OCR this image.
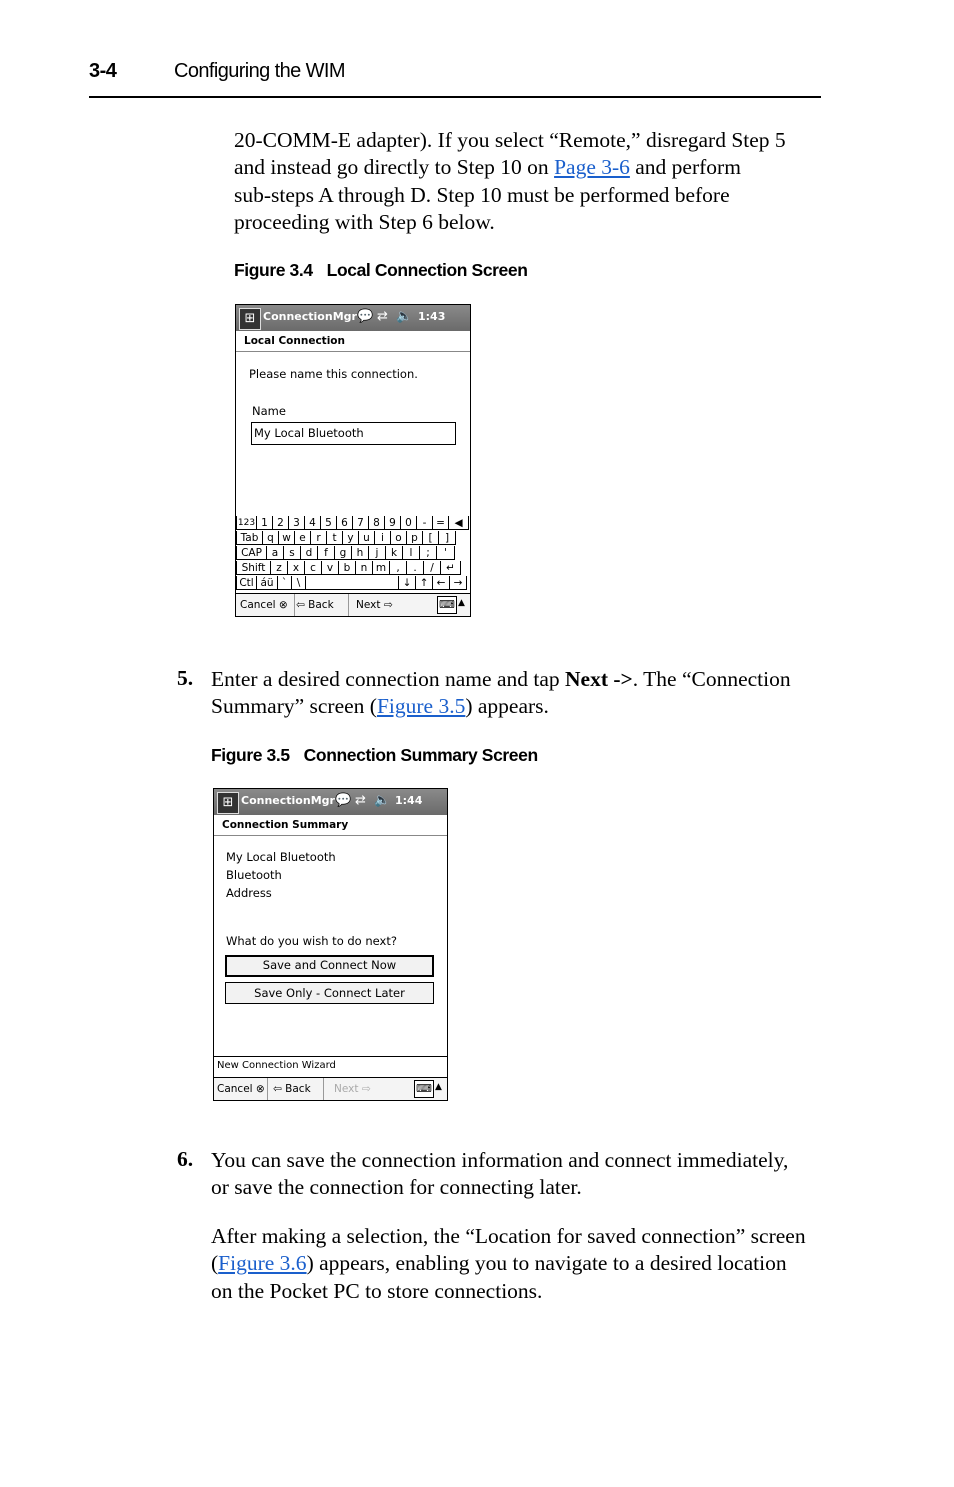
3-4	Configuring the WIM
20-COMM-E adapter). If you select “Remote,” disregard Step 5
and instead go directly to Step 10 on Page 3-6 and perform
sub-steps A through D. Step 10 must be performed before
proceeding with Step 6 below.
Figure 3.4 Local Connection Screen
⊞ ConnectionMgr 💬 ⇄ 🔈 1:43
Local Connection
Please name this connection.
Name
My Local Bluetooth
123 1 2 3 4 5 6 7 8 9 0	- = ◀
Tab q w e	r	t	y u	i	o p	[	]
CAP a	s	d	f	g h	j	k	l	;	'
Shift	z	x	c	v	b n m ,	.	/	↵
Ctl áü ` \	↓ ↑ ← →
Cancel ⊗ ⇦ Back	Next ⇨	⌨ ▲
5. Enter a desired connection name and tap Next ->. The “Connection
Summary” screen (Figure 3.5) appears.
Figure 3.5 Connection Summary Screen
⊞ ConnectionMgr 💬 ⇄ 🔈 1:44
Connection Summary
My Local Bluetooth
Bluetooth
Address
What do you wish to do next?
Save and Connect Now
Save Only - Connect Later
New Connection Wizard
Cancel ⊗ ⇦ Back	Next ⇨	⌨ ▲
6. You can save the connection information and connect immediately,
or save the connection for connecting later.
After making a selection, the “Location for saved connection” screen
(Figure 3.6) appears, enabling you to navigate to a desired location
on the Pocket PC to store connections.
